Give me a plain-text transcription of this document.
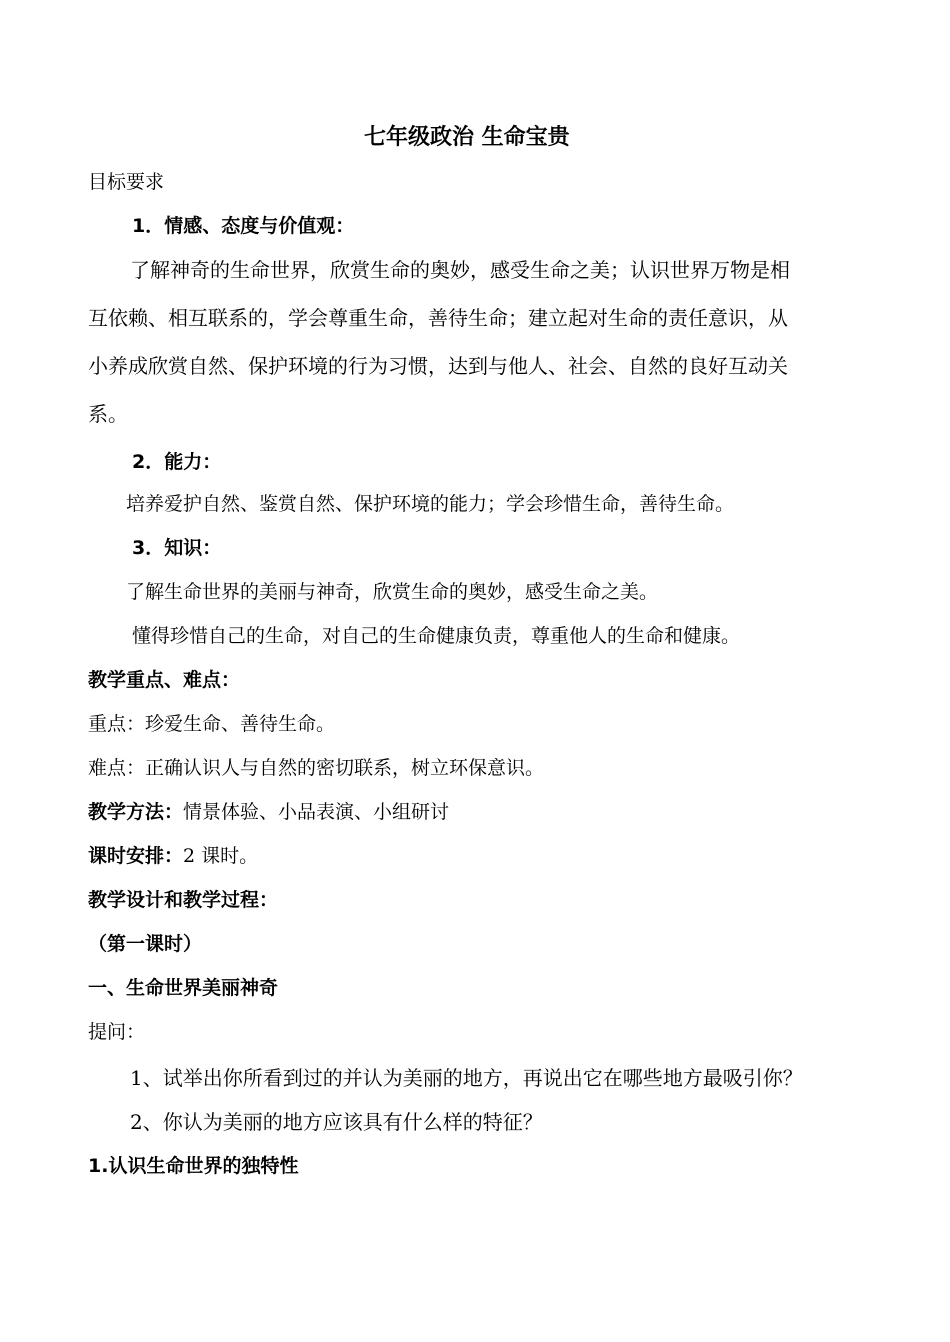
七年级政治 生命宝贵
目标要求
1．情感、态度与价值观：
了解神奇的生命世界，欣赏生命的奥妙，感受生命之美；认识世界万物是相
互依赖、相互联系的，学会尊重生命，善待生命；建立起对生命的责任意识，从
小养成欣赏自然、保护环境的行为习惯，达到与他人、社会、自然的良好互动关
系。
2．能力：
培养爱护自然、鉴赏自然、保护环境的能力；学会珍惜生命，善待生命。
3．知识：
了解生命世界的美丽与神奇，欣赏生命的奥妙，感受生命之美。
懂得珍惜自己的生命，对自己的生命健康负责，尊重他人的生命和健康。
教学重点、难点：
重点：珍爱生命、善待生命。
难点：正确认识人与自然的密切联系，树立环保意识。
教学方法：情景体验、小品表演、小组研讨
课时安排：2 课时。
教学设计和教学过程：
（第一课时）
一、生命世界美丽神奇
提问：
1、试举出你所看到过的并认为美丽的地方，再说出它在哪些地方最吸引你？
2、你认为美丽的地方应该具有什么样的特征？
1.认识生命世界的独特性
